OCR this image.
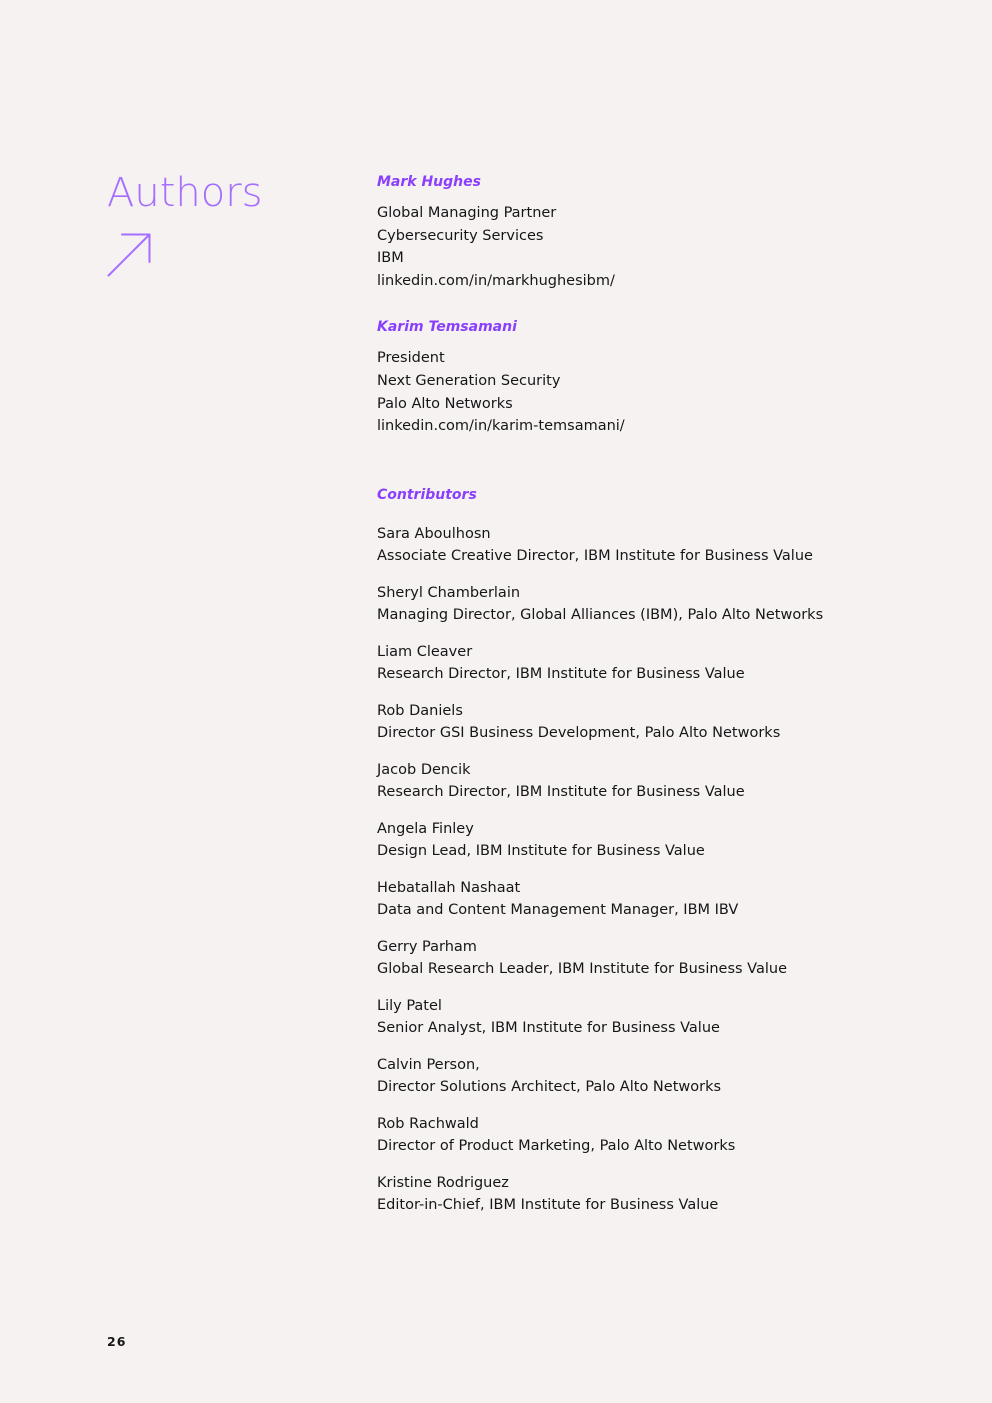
Authors	Mark Hughes
Global Managing Partner
Cybersecurity Services
IBM
linkedin.com/in/markhughesibm/
Karim Temsamani
President
Next Generation Security
Palo Alto Networks
linkedin.com/in/karim-temsamani/
Contributors
Sara Aboulhosn
Associate Creative Director, IBM Institute for Business Value
Sheryl Chamberlain
Managing Director, Global Alliances (IBM), Palo Alto Networks
Liam Cleaver
Research Director, IBM Institute for Business Value
Rob Daniels
Director GSI Business Development, Palo Alto Networks
Jacob Dencik
Research Director, IBM Institute for Business Value
Angela Finley
Design Lead, IBM Institute for Business Value
Hebatallah Nashaat
Data and Content Management Manager, IBM IBV
Gerry Parham
Global Research Leader, IBM Institute for Business Value
Lily Patel
Senior Analyst, IBM Institute for Business Value
Calvin Person,
Director Solutions Architect, Palo Alto Networks
Rob Rachwald
Director of Product Marketing, Palo Alto Networks
Kristine Rodriguez
Editor-in-Chief, IBM Institute for Business Value
26
